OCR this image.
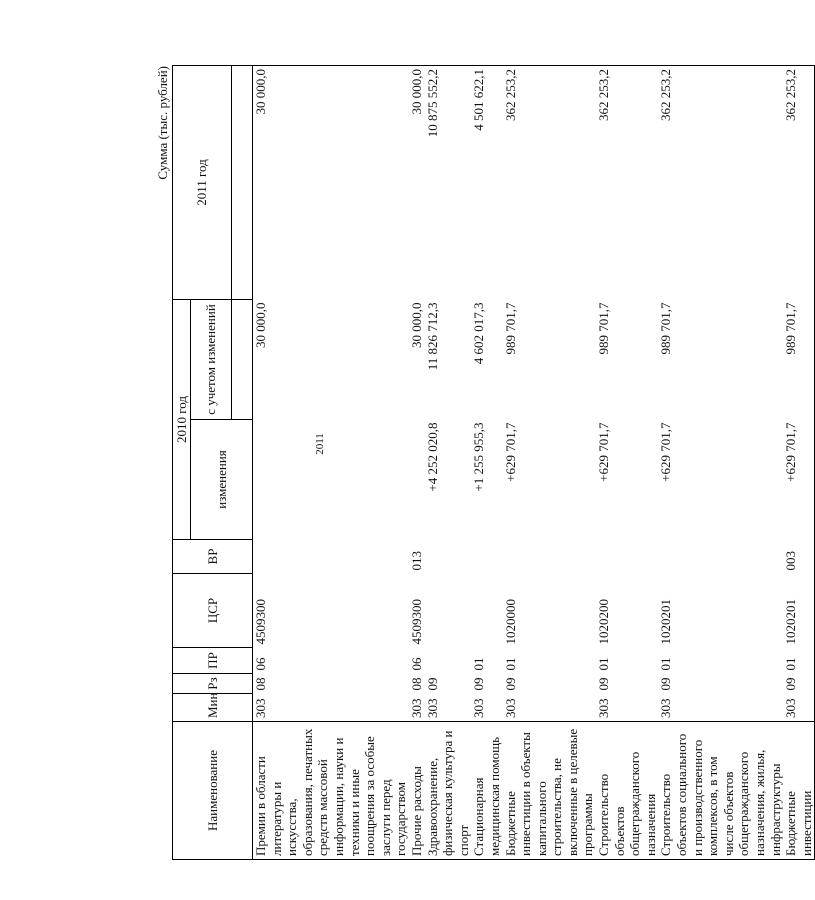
2011
Сумма (тыс. рублей)
Наименование	Мин	Рз	ПР	ЦСР	ВР	2010 год		2011 год
						изменения	с учетом изменений	

Премии в области литературы и искусства, образования, печатных средств массовой информации, науки и техники и иные поощрения за особые заслуги перед государством	303	08	06	4509300			30 000,0	30 000,0
Прочие расходы	303	08	06	4509300	013		30 000,0	30 000,0
Здравоохранение, физическая культура и спорт	303	09				+4 252 020,8	11 826 712,3	10 875 552,2
Стационарная медицинская помощь	303	09	01			+1 255 955,3	4 602 017,3	4 501 622,1
Бюджетные инвестиции в объекты капитального строительства, не включенные в целевые программы	303	09	01	1020000		+629 701,7	989 701,7	362 253,2
Строительство объектов общегражданского назначения	303	09	01	1020200		+629 701,7	989 701,7	362 253,2
Строительство объектов социального и производственного комплексов, в том числе объектов общегражданского назначения, жилья, инфраструктуры	303	09	01	1020201		+629 701,7	989 701,7	362 253,2
Бюджетные инвестиции	303	09	01	1020201	003	+629 701,7	989 701,7	362 253,2
